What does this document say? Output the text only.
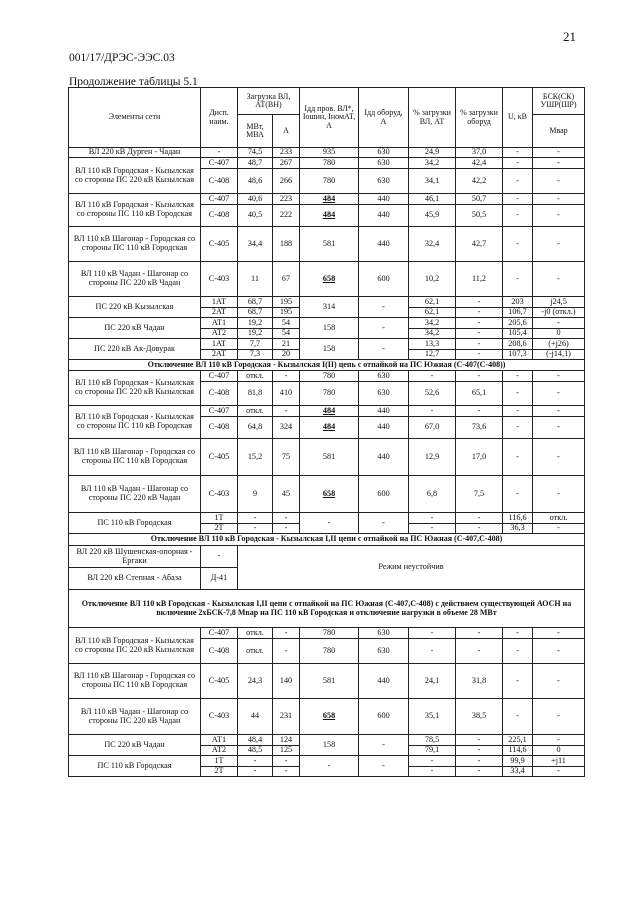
21
001/17/ДРЭС-ЭЭС.03
Продолжение таблицы 5.1
Элементы сети	Дисп. наим.	Загрузка ВЛ, АТ(ВН)		Iдд пров. ВЛ*, Iошин, IномАТ, А	Iдд оборуд, А	% загрузки ВЛ, АТ	% загрузки оборуд	U, кВ	БСК(СК) УШР(ШР)
		МВт, МВА	А						Мвар
ВЛ 220 кВ Дурген - Чадан	-	74,5	233	935	630	24,9	37,0	-	-
ВЛ 110 кВ Городская - Кызылская со стороны ПС 220 кВ Кызылская	С-407	48,7	267	780	630	34,2	42,4	-	-
	С-408	48,6	266	780	630	34,1	42,2	-	-
ВЛ 110 кВ Городская - Кызылская со стороны ПС 110 кВ Городская	С-407	40,6	223	484	440	46,1	50,7	-	-
	С-408	40,5	222	484	440	45,9	50,5	-	-
ВЛ 110 кВ Шагонар - Городская со стороны ПС 110 кВ Городская	С-405	34,4	188	581	440	32,4	42,7	-	-
ВЛ 110 кВ Чадан - Шагонар со стороны ПС 220 кВ Чадан	С-403	11	67	658	600	10,2	11,2	-	-
ПС 220 кВ Кызылская	1АТ	68,7	195	314	-	62,1	-	203	j24,5
	2АТ	68,7	195			62,1	-	106,7	-j0 (откл.)
ПС 220 кВ Чадан	АТ1	19,2	54	158	-	34,2	-	205,6	-
	АТ2	19,2	54			34,2	-	105,4	0
ПС 220 кВ Ак-Довурак	1АТ	7,7	21	158	-	13,3	-	208,6	(+j26)
	2АТ	7,3	20			12,7	-	107,3	(-j14,1)
Отключение ВЛ 110 кВ Городская - Кызылская I(II) цепь с отпайкой на ПС Южная (С-407(С-408))									
ВЛ 110 кВ Городская - Кызылская со стороны ПС 220 кВ Кызылская	С-407	откл.	-	780	630	-	-	-	-
	С-408	81,8	410	780	630	52,6	65,1	-	-
ВЛ 110 кВ Городская - Кызылская со стороны ПС 110 кВ Городская	С-407	откл.	-	484	440	-	-	-	-
	С-408	64,8	324	484	440	67,0	73,6	-	-
ВЛ 110 кВ Шагонар - Городская со стороны ПС 110 кВ Городская	С-405	15,2	75	581	440	12,9	17,0	-	-
ВЛ 110 кВ Чадан - Шагонар со стороны ПС 220 кВ Чадан	С-403	9	45	658	600	6,8	7,5	-	-
ПС 110 кВ Городская	1Т	-	-	-	-	-	-	116,6	откл.
	2Т	-	-			-	-	36,3	-
Отключение ВЛ 110 кВ Городская - Кызылская I,II цепи с отпайкой на ПС Южная (С-407,С-408)									
ВЛ 220 кВ Шушенская-опорная - Ергаки	-	Режим неустойчив							
ВЛ 220 кВ Степная - Абаза	Д-41								
Отключение ВЛ 110 кВ Городская - Кызылская I,II цепи с отпайкой на ПС Южная (С-407,С-408) с действием существующей АОСН на включение 2хБСК-7,8 Мвар на ПС 110 кВ Городская и отключение нагрузки в объеме 28 МВт									
ВЛ 110 кВ Городская - Кызылская со стороны ПС 220 кВ Кызылская	С-407	откл.	-	780	630	-	-	-	-
	С-408	откл.	-	780	630	-	-	-	-
ВЛ 110 кВ Шагонар - Городская со стороны ПС 110 кВ Городская	С-405	24,3	140	581	440	24,1	31,8	-	-
ВЛ 110 кВ Чадан - Шагонар со стороны ПС 220 кВ Чадан	С-403	44	231	658	600	35,1	38,5	-	-
ПС 220 кВ Чадан	АТ1	48,4	124	158	-	78,5	-	225,1	-
	АТ2	48,5	125			79,1	-	114,6	0
ПС 110 кВ Городская	1Т	-	-	-	-	-	-	99,9	+j11
	2Т	-	-			-	-	33,4	-
